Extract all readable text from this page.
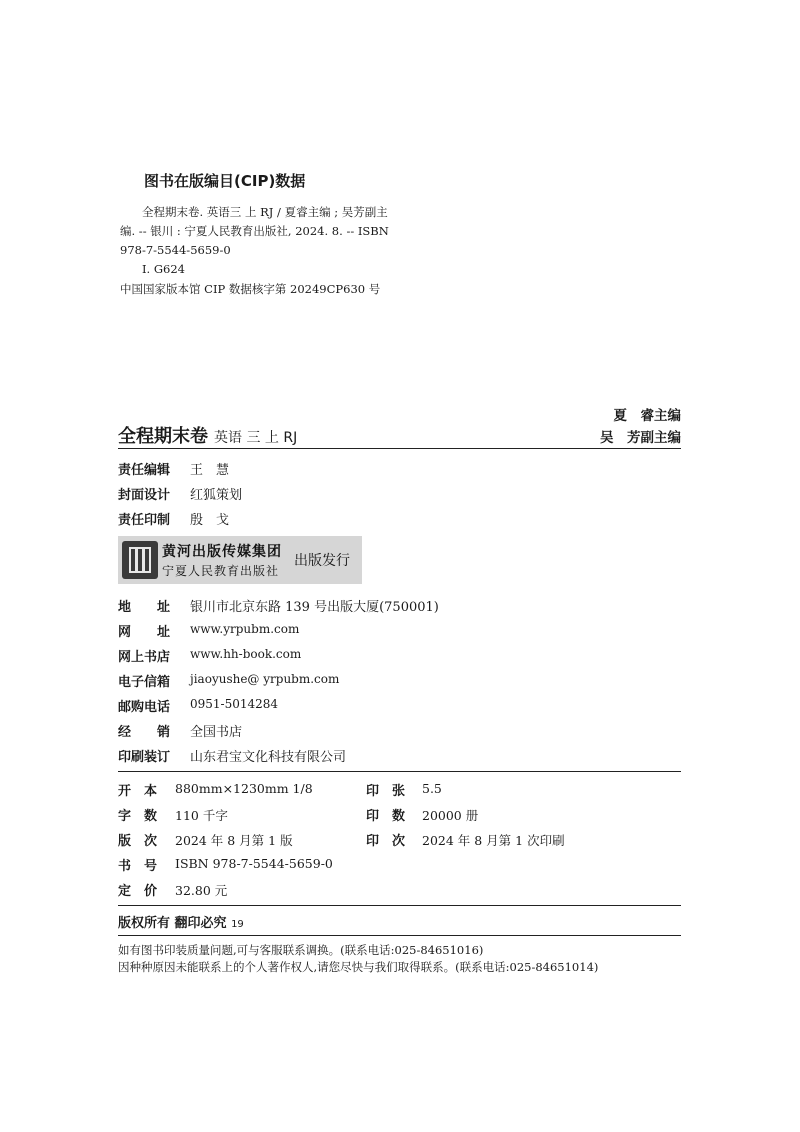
图书在版编目(CIP)数据
全程期末卷. 英语三 上 RJ / 夏睿主编 ; 吴芳副主
编. -- 银川 : 宁夏人民教育出版社, 2024. 8. -- ISBN
978-7-5544-5659-0
Ⅰ. G624
中国国家版本馆 CIP 数据核字第 20249CP630 号
夏　睿主编
吴　芳副主编
全程期末卷 英语 三 上 RJ
责任编辑 王　慧
封面设计 红狐策划
责任印制 殷　戈
黄河出版传媒集团
宁夏人民教育出版社
出版发行
地　　址 银川市北京东路 139 号出版大厦(750001)
网　　址 www.yrpubm.com
网上书店 www.hh-book.com
电子信箱 jiaoyushe@ yrpubm.com
邮购电话 0951-5014284
经　　销 全国书店
印刷装订 山东君宝文化科技有限公司
开　本 880mm×1230mm 1/8	印　张 5.5
字　数 110 千字	印　数 20000 册
版　次 2024 年 8 月第 1 版	印　次 2024 年 8 月第 1 次印刷
书　号 ISBN 978-7-5544-5659-0
定　价 32.80 元
版权所有 翻印必究 19
如有图书印装质量问题,可与客服联系调换。(联系电话:025-84651016)
因种种原因未能联系上的个人著作权人,请您尽快与我们取得联系。(联系电话:025-84651014)
